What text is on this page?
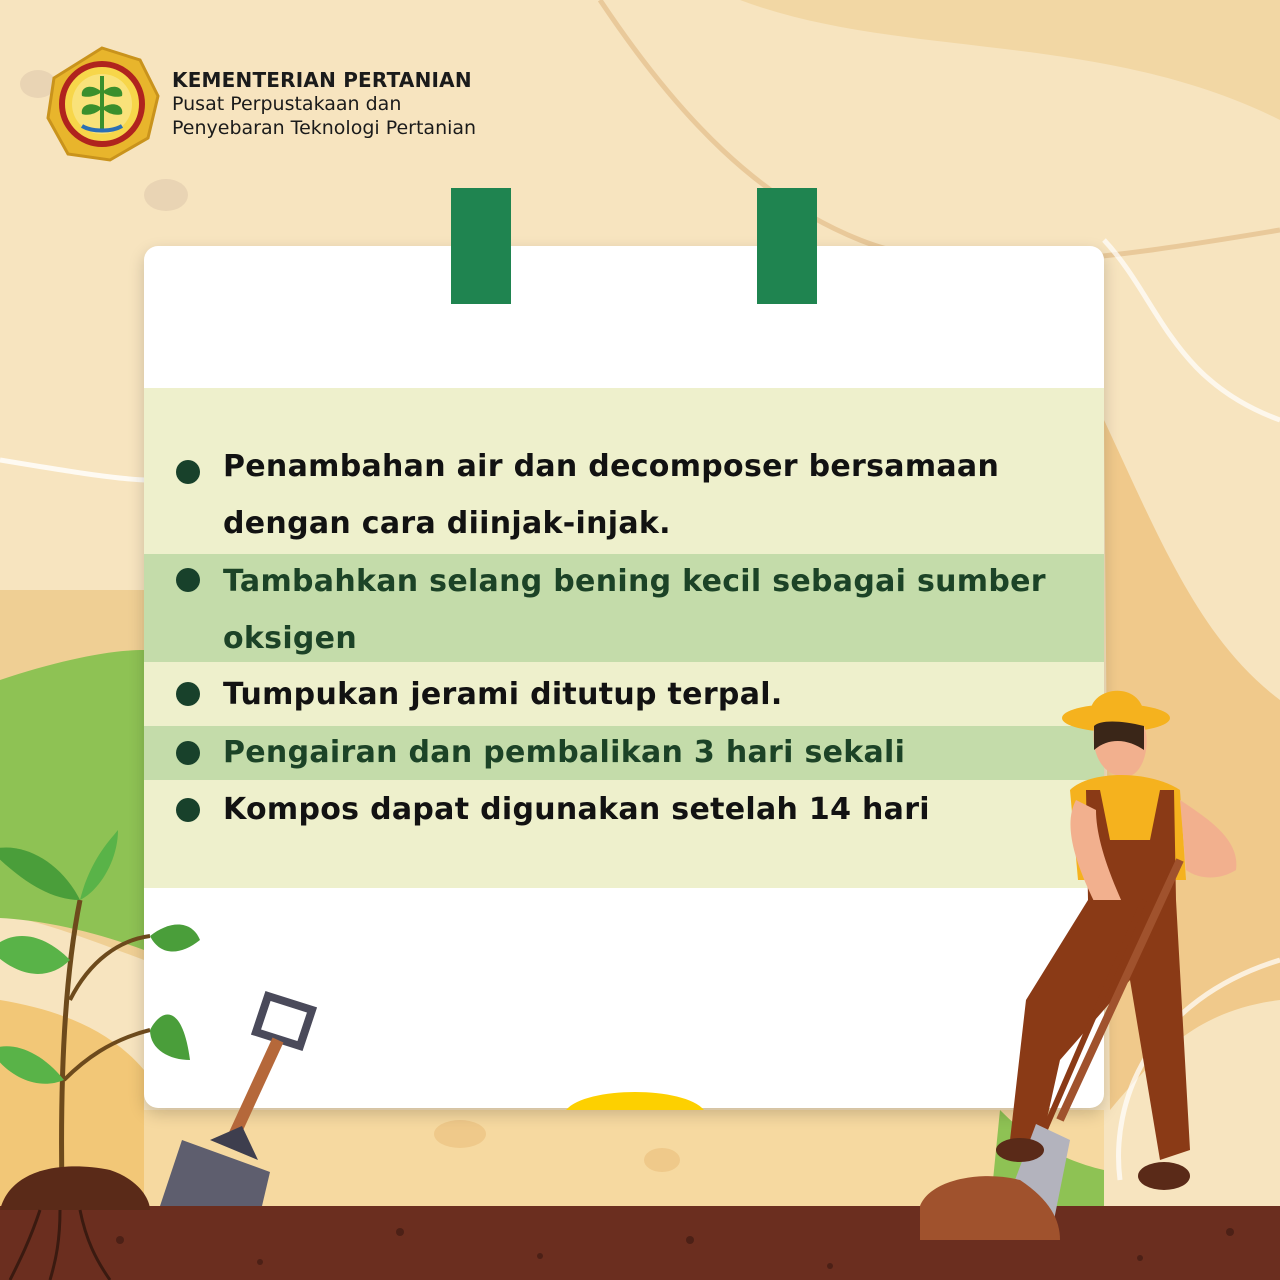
KEMENTERIAN PERTANIAN
Pusat Perpustakaan dan
Penyebaran Teknologi Pertanian
Penambahan air dan decomposer bersamaan dengan cara diinjak-injak.
Tambahkan selang bening kecil sebagai sumber oksigen
Tumpukan jerami ditutup terpal.
Pengairan dan pembalikan 3 hari sekali
Kompos dapat digunakan setelah 14 hari
